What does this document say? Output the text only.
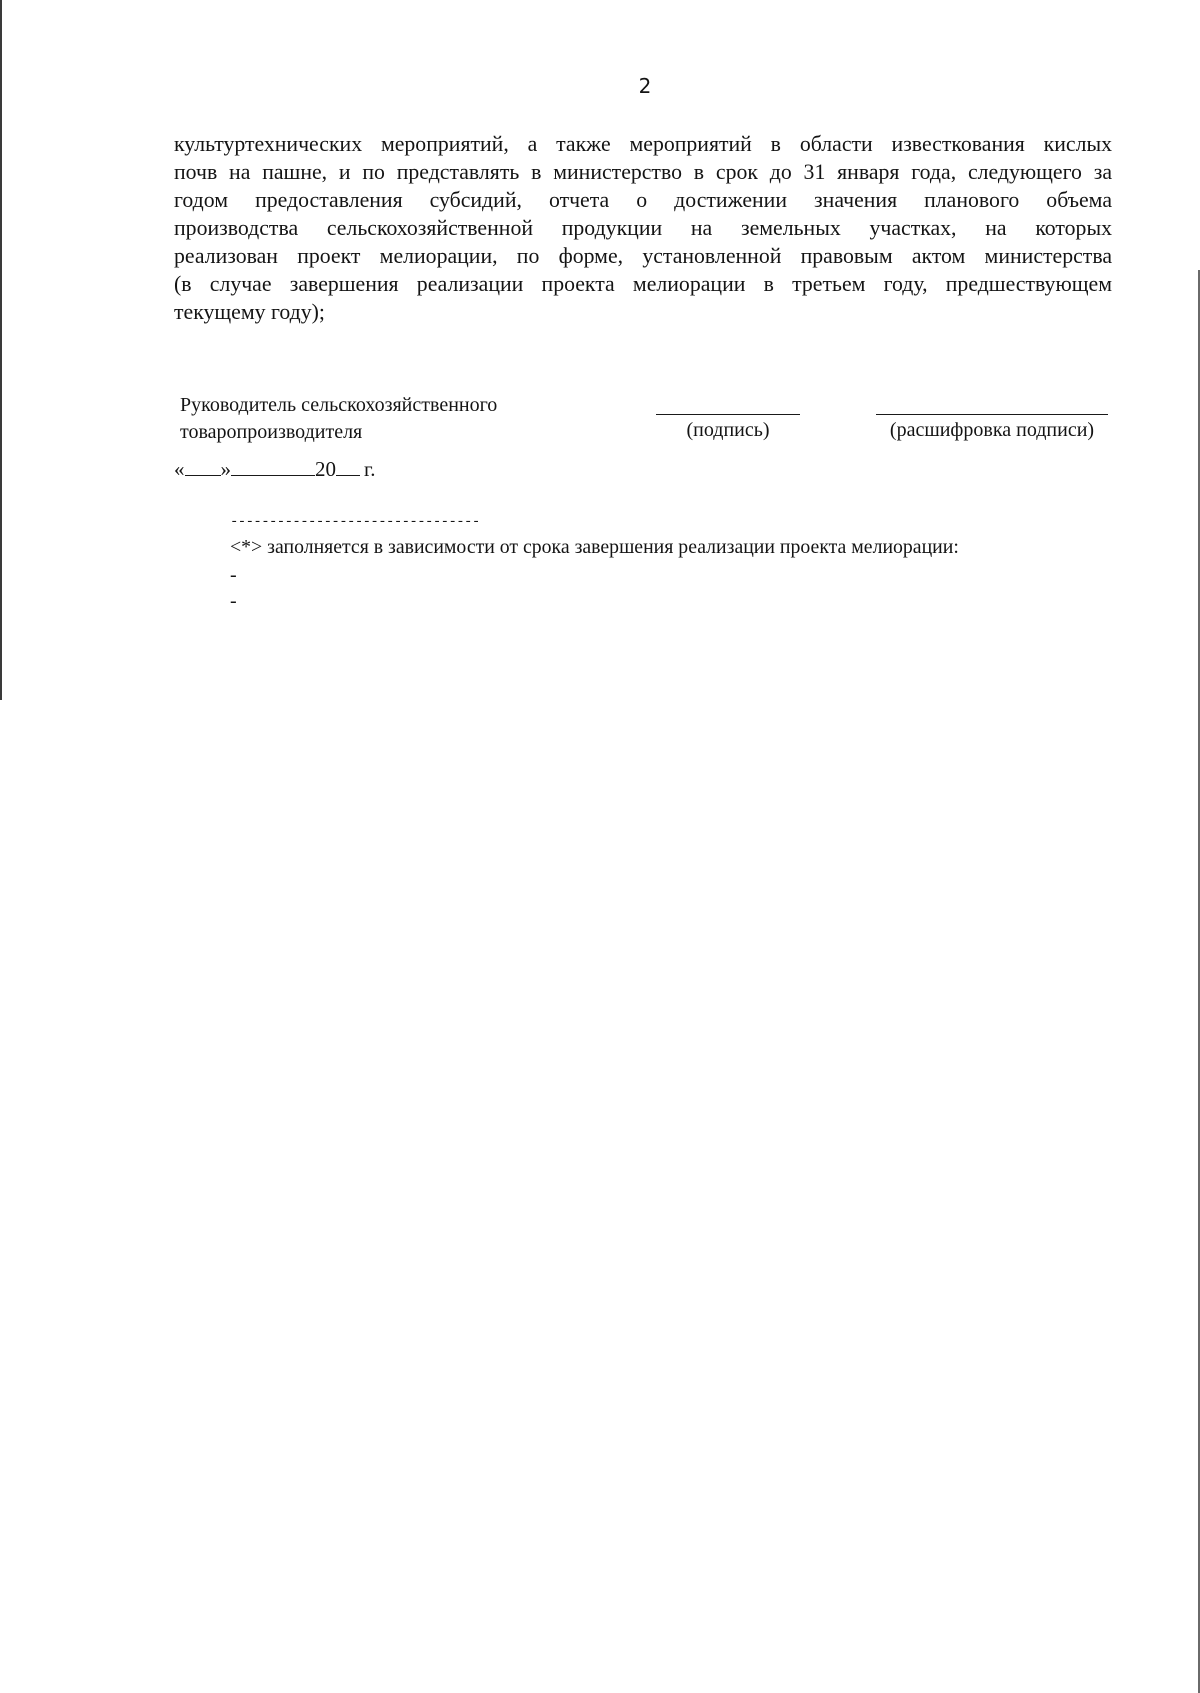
2
культуртехнических мероприятий, а также мероприятий в области известкования кислых
почв на пашне, и по представлять в министерство в срок до 31 января года, следующего за
годом предоставления субсидий, отчета о достижении значения планового объема
производства сельскохозяйственной продукции на земельных участках, на которых
реализован проект мелиорации, по форме, установленной правовым актом министерства
(в случае завершения реализации проекта мелиорации в третьем году, предшествующем
текущему году);
Руководитель сельскохозяйственного
товаропроизводителя	(подпись)	(расшифровка подписи)
« »	20 г.
--------------------------------
<*> заполняется в зависимости от срока завершения реализации проекта мелиорации:
-
-
